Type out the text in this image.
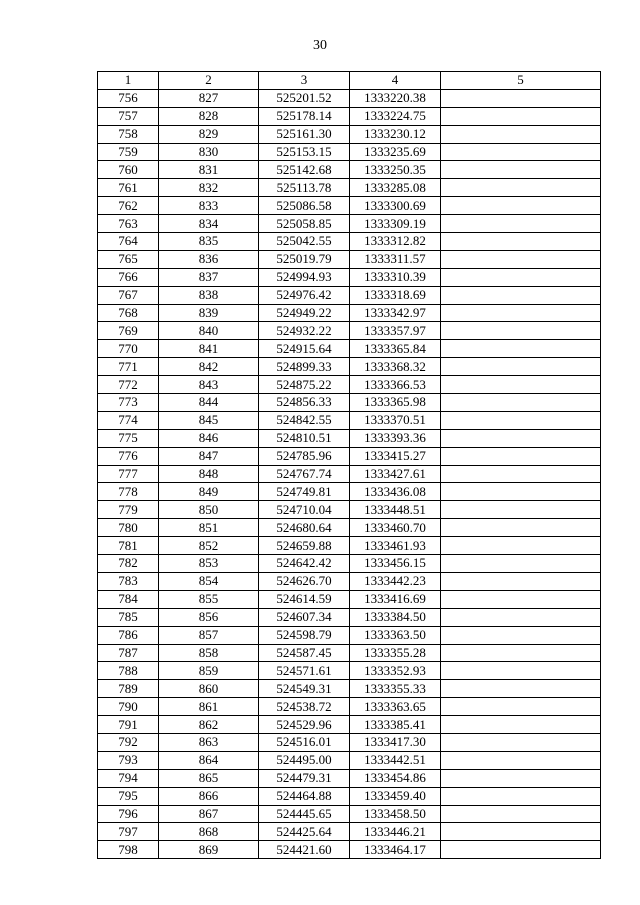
30
1	2	3	4	5
756	827	525201.52	1333220.38	
757	828	525178.14	1333224.75	
758	829	525161.30	1333230.12	
759	830	525153.15	1333235.69	
760	831	525142.68	1333250.35	
761	832	525113.78	1333285.08	
762	833	525086.58	1333300.69	
763	834	525058.85	1333309.19	
764	835	525042.55	1333312.82	
765	836	525019.79	1333311.57	
766	837	524994.93	1333310.39	
767	838	524976.42	1333318.69	
768	839	524949.22	1333342.97	
769	840	524932.22	1333357.97	
770	841	524915.64	1333365.84	
771	842	524899.33	1333368.32	
772	843	524875.22	1333366.53	
773	844	524856.33	1333365.98	
774	845	524842.55	1333370.51	
775	846	524810.51	1333393.36	
776	847	524785.96	1333415.27	
777	848	524767.74	1333427.61	
778	849	524749.81	1333436.08	
779	850	524710.04	1333448.51	
780	851	524680.64	1333460.70	
781	852	524659.88	1333461.93	
782	853	524642.42	1333456.15	
783	854	524626.70	1333442.23	
784	855	524614.59	1333416.69	
785	856	524607.34	1333384.50	
786	857	524598.79	1333363.50	
787	858	524587.45	1333355.28	
788	859	524571.61	1333352.93	
789	860	524549.31	1333355.33	
790	861	524538.72	1333363.65	
791	862	524529.96	1333385.41	
792	863	524516.01	1333417.30	
793	864	524495.00	1333442.51	
794	865	524479.31	1333454.86	
795	866	524464.88	1333459.40	
796	867	524445.65	1333458.50	
797	868	524425.64	1333446.21	
798	869	524421.60	1333464.17	
